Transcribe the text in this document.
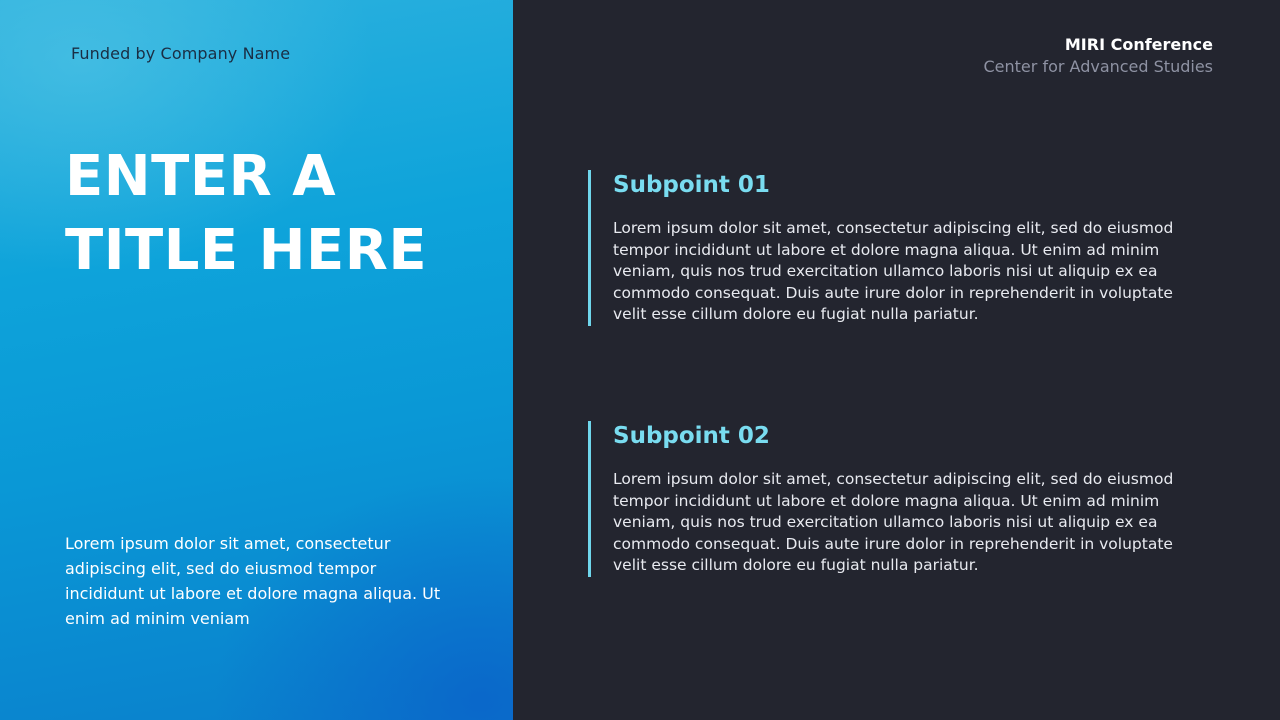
Funded by Company Name
ENTER A
TITLE HERE
Lorem ipsum dolor sit amet, consectetur adipiscing elit, sed do eiusmod tempor incididunt ut labore et dolore magna aliqua. Ut enim ad minim veniam
MIRI Conference
Center for Advanced Studies
Subpoint 01
Lorem ipsum dolor sit amet, consectetur adipiscing elit, sed do eiusmod tempor incididunt ut labore et dolore magna aliqua. Ut enim ad minim veniam, quis nos trud exercitation ullamco laboris nisi ut aliquip ex ea commodo consequat. Duis aute irure dolor in reprehenderit in voluptate velit esse cillum dolore eu fugiat nulla pariatur.
Subpoint 02
Lorem ipsum dolor sit amet, consectetur adipiscing elit, sed do eiusmod tempor incididunt ut labore et dolore magna aliqua. Ut enim ad minim veniam, quis nos trud exercitation ullamco laboris nisi ut aliquip ex ea commodo consequat. Duis aute irure dolor in reprehenderit in voluptate velit esse cillum dolore eu fugiat nulla pariatur.
